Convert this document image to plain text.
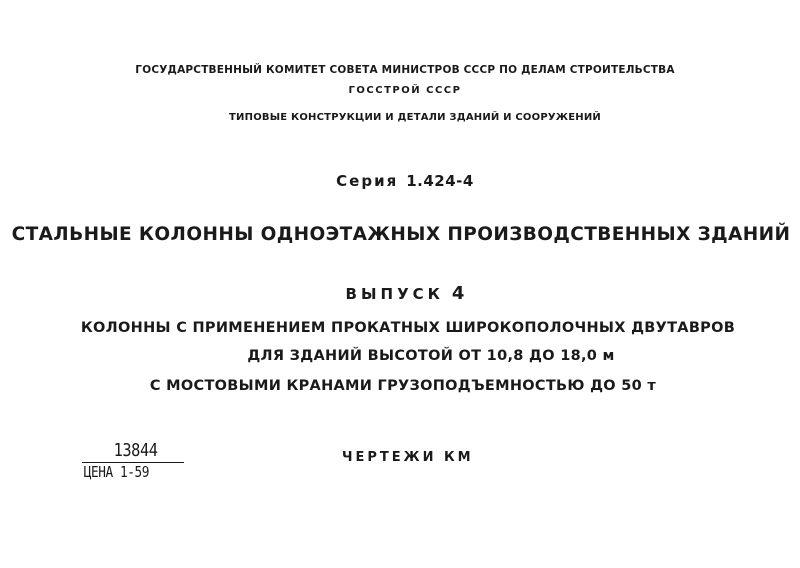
ГОСУДАРСТВЕННЫЙ КОМИТЕТ СОВЕТА МИНИСТРОВ СССР ПО ДЕЛАМ СТРОИТЕЛЬСТВА
ГОССТРОЙ СССР
ТИПОВЫЕ КОНСТРУКЦИИ И ДЕТАЛИ ЗДАНИЙ И СООРУЖЕНИЙ
Серия 1.424-4
СТАЛЬНЫЕ КОЛОННЫ ОДНОЭТАЖНЫХ ПРОИЗВОДСТВЕННЫХ ЗДАНИЙ
ВЫПУСК 4
КОЛОННЫ С ПРИМЕНЕНИЕМ ПРОКАТНЫХ ШИРОКОПОЛОЧНЫХ ДВУТАВРОВ
ДЛЯ ЗДАНИЙ ВЫСОТОЙ ОТ 10,8 ДО 18,0 м
С МОСТОВЫМИ КРАНАМИ ГРУЗОПОДЪЕМНОСТЬЮ ДО 50 т
13844
ЦЕНА 1-59
ЧЕРТЕЖИ КМ
